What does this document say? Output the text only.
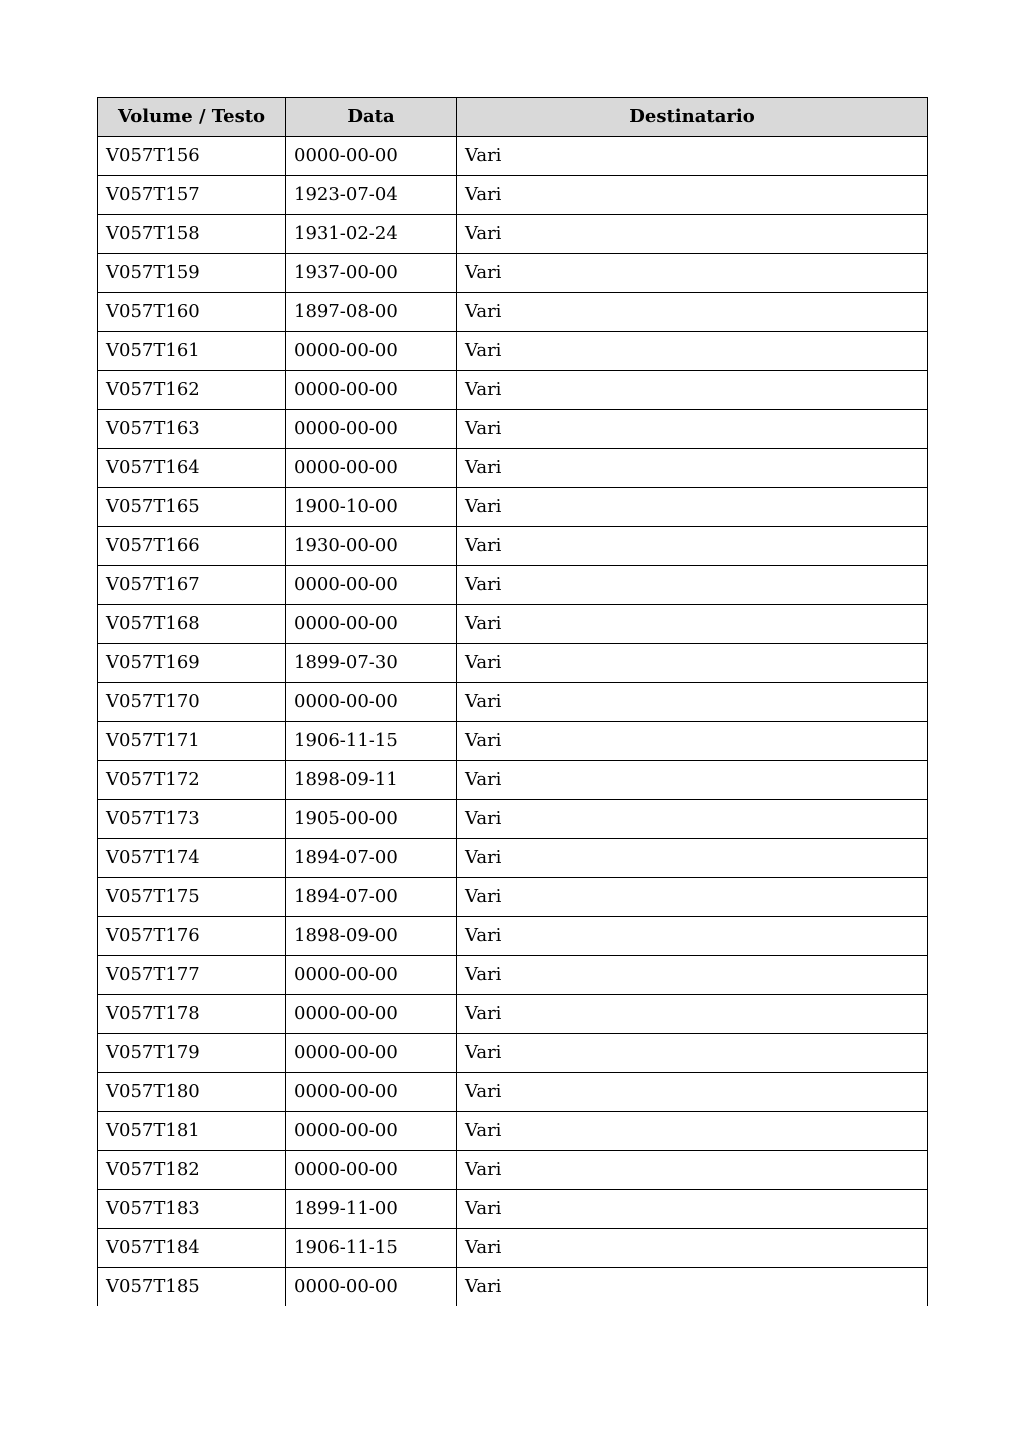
Volume / Testo	Data	Destinatario
V057T156	0000-00-00	Vari
V057T157	1923-07-04	Vari
V057T158	1931-02-24	Vari
V057T159	1937-00-00	Vari
V057T160	1897-08-00	Vari
V057T161	0000-00-00	Vari
V057T162	0000-00-00	Vari
V057T163	0000-00-00	Vari
V057T164	0000-00-00	Vari
V057T165	1900-10-00	Vari
V057T166	1930-00-00	Vari
V057T167	0000-00-00	Vari
V057T168	0000-00-00	Vari
V057T169	1899-07-30	Vari
V057T170	0000-00-00	Vari
V057T171	1906-11-15	Vari
V057T172	1898-09-11	Vari
V057T173	1905-00-00	Vari
V057T174	1894-07-00	Vari
V057T175	1894-07-00	Vari
V057T176	1898-09-00	Vari
V057T177	0000-00-00	Vari
V057T178	0000-00-00	Vari
V057T179	0000-00-00	Vari
V057T180	0000-00-00	Vari
V057T181	0000-00-00	Vari
V057T182	0000-00-00	Vari
V057T183	1899-11-00	Vari
V057T184	1906-11-15	Vari
V057T185	0000-00-00	Vari
